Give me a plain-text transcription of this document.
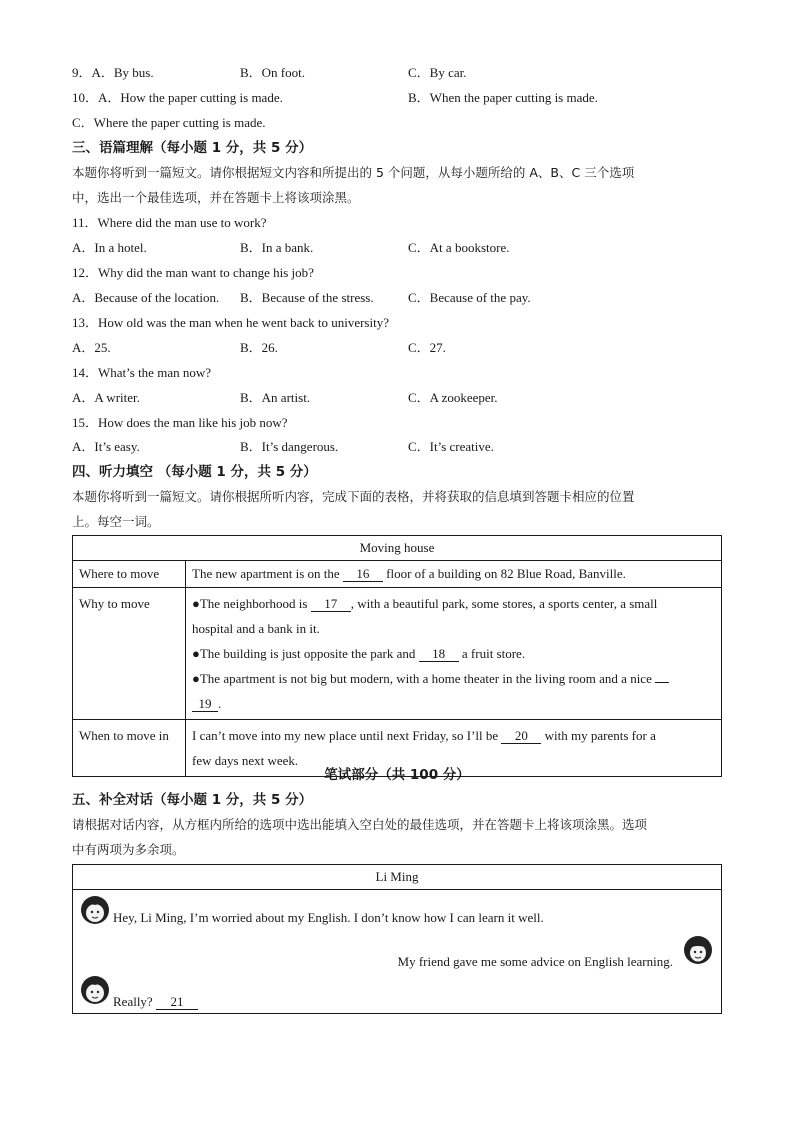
9．A．By bus.	B．On foot.	C．By car.
10．A．How the paper cutting is made.	B．When the paper cutting is made.
C．Where the paper cutting is made.
三、语篇理解（每小题 1 分，共 5 分）
本题你将听到一篇短文。请你根据短文内容和所提出的 5 个问题，从每小题所给的 A、B、C 三个选项
中，选出一个最佳选项，并在答题卡上将该项涂黑。
11．Where did the man use to work?
A．In a hotel.	B．In a bank.	C．At a bookstore.
12．Why did the man want to change his job?
A．Because of the location. B．Because of the stress.	C．Because of the pay.
13．How old was the man when he went back to university?
A．25.	B．26.	C．27.
14．What’s the man now?
A．A writer.	B．An artist.	C．A zookeeper.
15．How does the man like his job now?
A．It’s easy.	B．It’s dangerous.	C．It’s creative.
四、听力填空 （每小题 1 分，共 5 分）
本题你将听到一篇短文。请你根据所听内容，完成下面的表格，并将获取的信息填到答题卡相应的位置
上。每空一词。
Moving house	
Where to move	The new apartment is on the 16 floor of a building on 82 Blue Road, Banville.
Why to move	●The neighborhood is 17 , with a beautiful park, some stores, a sports center, a small
hospital and a bank in it.
●The building is just opposite the park and 18 a fruit store.
●The apartment is not big but modern, with a home theater in the living room and a nice
19 .

When to move in	I can’t move into my new place until next Friday, so I’ll be 20 with my parents for a
few days next week.
笔试部分（共 100 分）
五、补全对话（每小题 1 分，共 5 分）
请根据对话内容，从方框内所给的选项中选出能填入空白处的最佳选项，并在答题卡上将该项涂黑。选项
中有两项为多余项。
Li Ming
Hey, Li Ming, I’m worried about my English. I don’t know how I can learn it well.
My friend gave me some advice on English learning.
Really? 21
